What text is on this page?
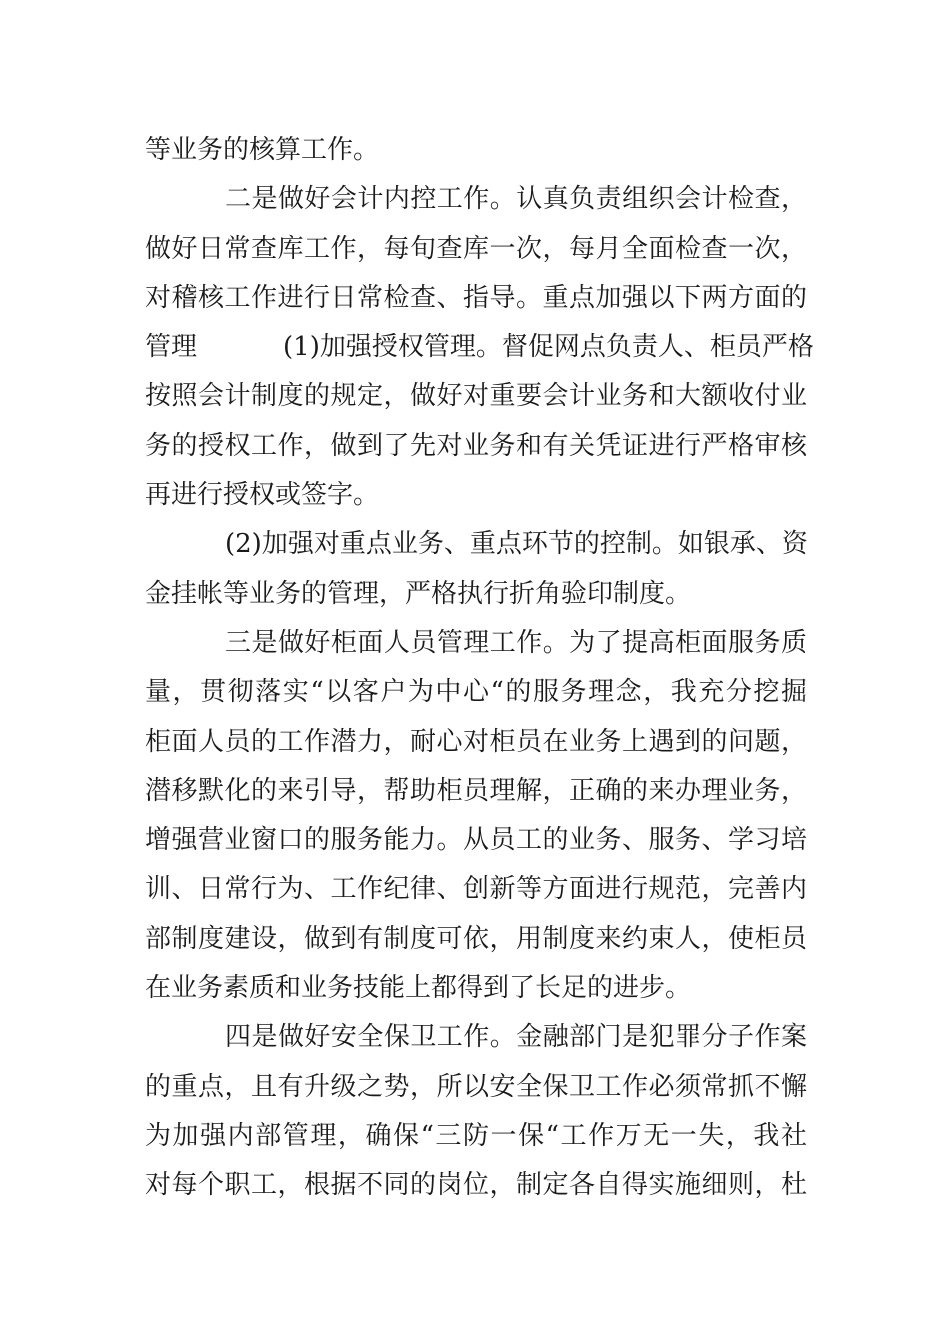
等业务的核算工作。
二是做好会计内控工作。认真负责组织会计检查，
做好日常查库工作，每旬查库一次，每月全面检查一次，
对稽核工作进行日常检查、指导。重点加强以下两方面的
管理	(1)加强授权管理。督促网点负责人、柜员严格
按照会计制度的规定，做好对重要会计业务和大额收付业
务的授权工作，做到了先对业务和有关凭证进行严格审核
再进行授权或签字。
(2)加强对重点业务、重点环节的控制。如银承、资
金挂帐等业务的管理，严格执行折角验印制度。
三是做好柜面人员管理工作。为了提高柜面服务质
量，贯彻落实“以客户为中心“的服务理念，我充分挖掘
柜面人员的工作潜力，耐心对柜员在业务上遇到的问题，
潜移默化的来引导，帮助柜员理解，正确的来办理业务，
增强营业窗口的服务能力。从员工的业务、服务、学习培
训、日常行为、工作纪律、创新等方面进行规范，完善内
部制度建设，做到有制度可依，用制度来约束人，使柜员
在业务素质和业务技能上都得到了长足的进步。
四是做好安全保卫工作。金融部门是犯罪分子作案
的重点，且有升级之势，所以安全保卫工作必须常抓不懈
为加强内部管理，确保“三防一保“工作万无一失，我社
对每个职工，根据不同的岗位，制定各自得实施细则，杜
